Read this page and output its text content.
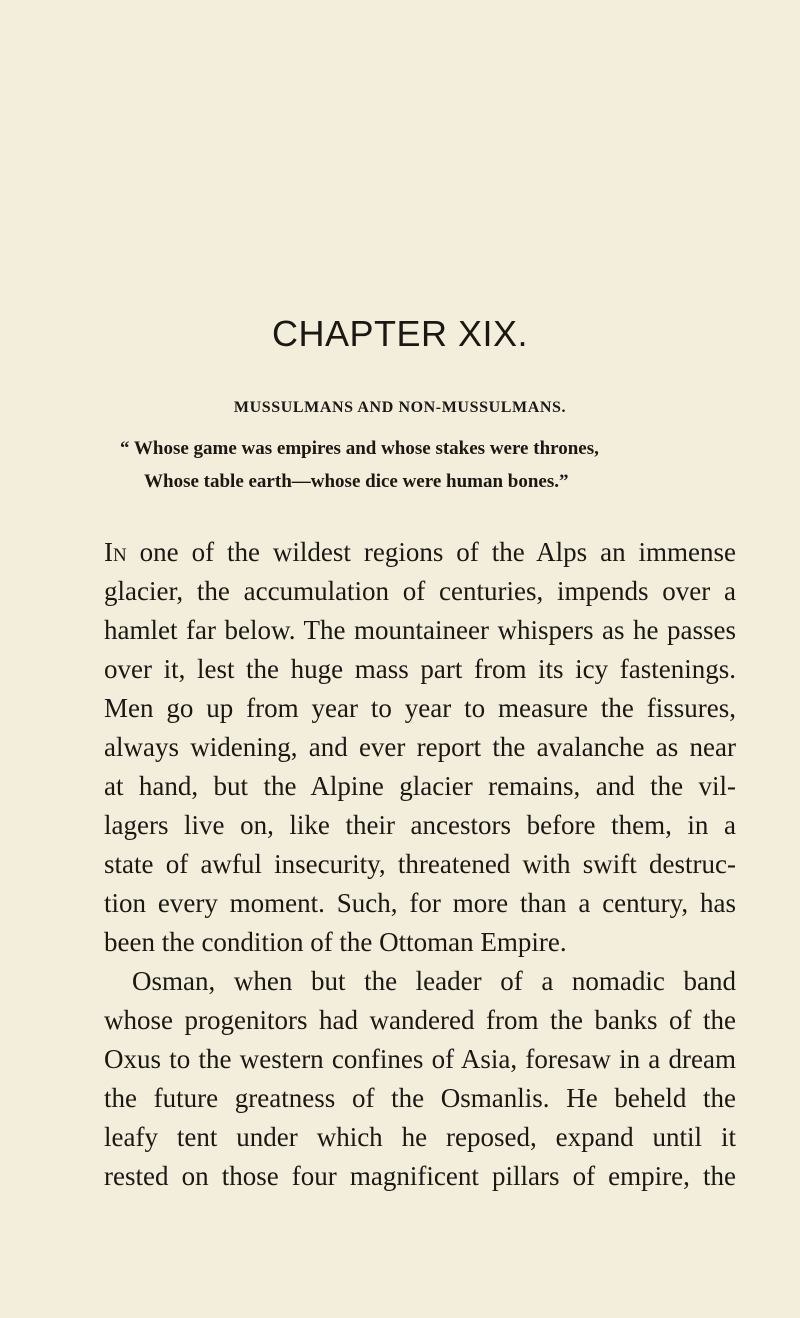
CHAPTER XIX.
MUSSULMANS AND NON-MUSSULMANS.
“ Whose game was empires and whose stakes were thrones,
Whose table earth—whose dice were human bones.”

In one of the wildest regions of the Alps an immense
glacier, the accumulation of centuries, impends over a
hamlet far below. The mountaineer whispers as he passes
over it, lest the huge mass part from its icy fastenings.
Men go up from year to year to measure the fissures,
always widening, and ever report the avalanche as near
at hand, but the Alpine glacier remains, and the vil-
lagers live on, like their ancestors before them, in a
state of awful insecurity, threatened with swift destruc-
tion every moment. Such, for more than a century, has
been the condition of the Ottoman Empire.

Osman, when but the leader of a nomadic band
whose progenitors had wandered from the banks of the
Oxus to the western confines of Asia, foresaw in a dream
the future greatness of the Osmanlis. He beheld the
leafy tent under which he reposed, expand until it
rested on those four magnificent pillars of empire, the
